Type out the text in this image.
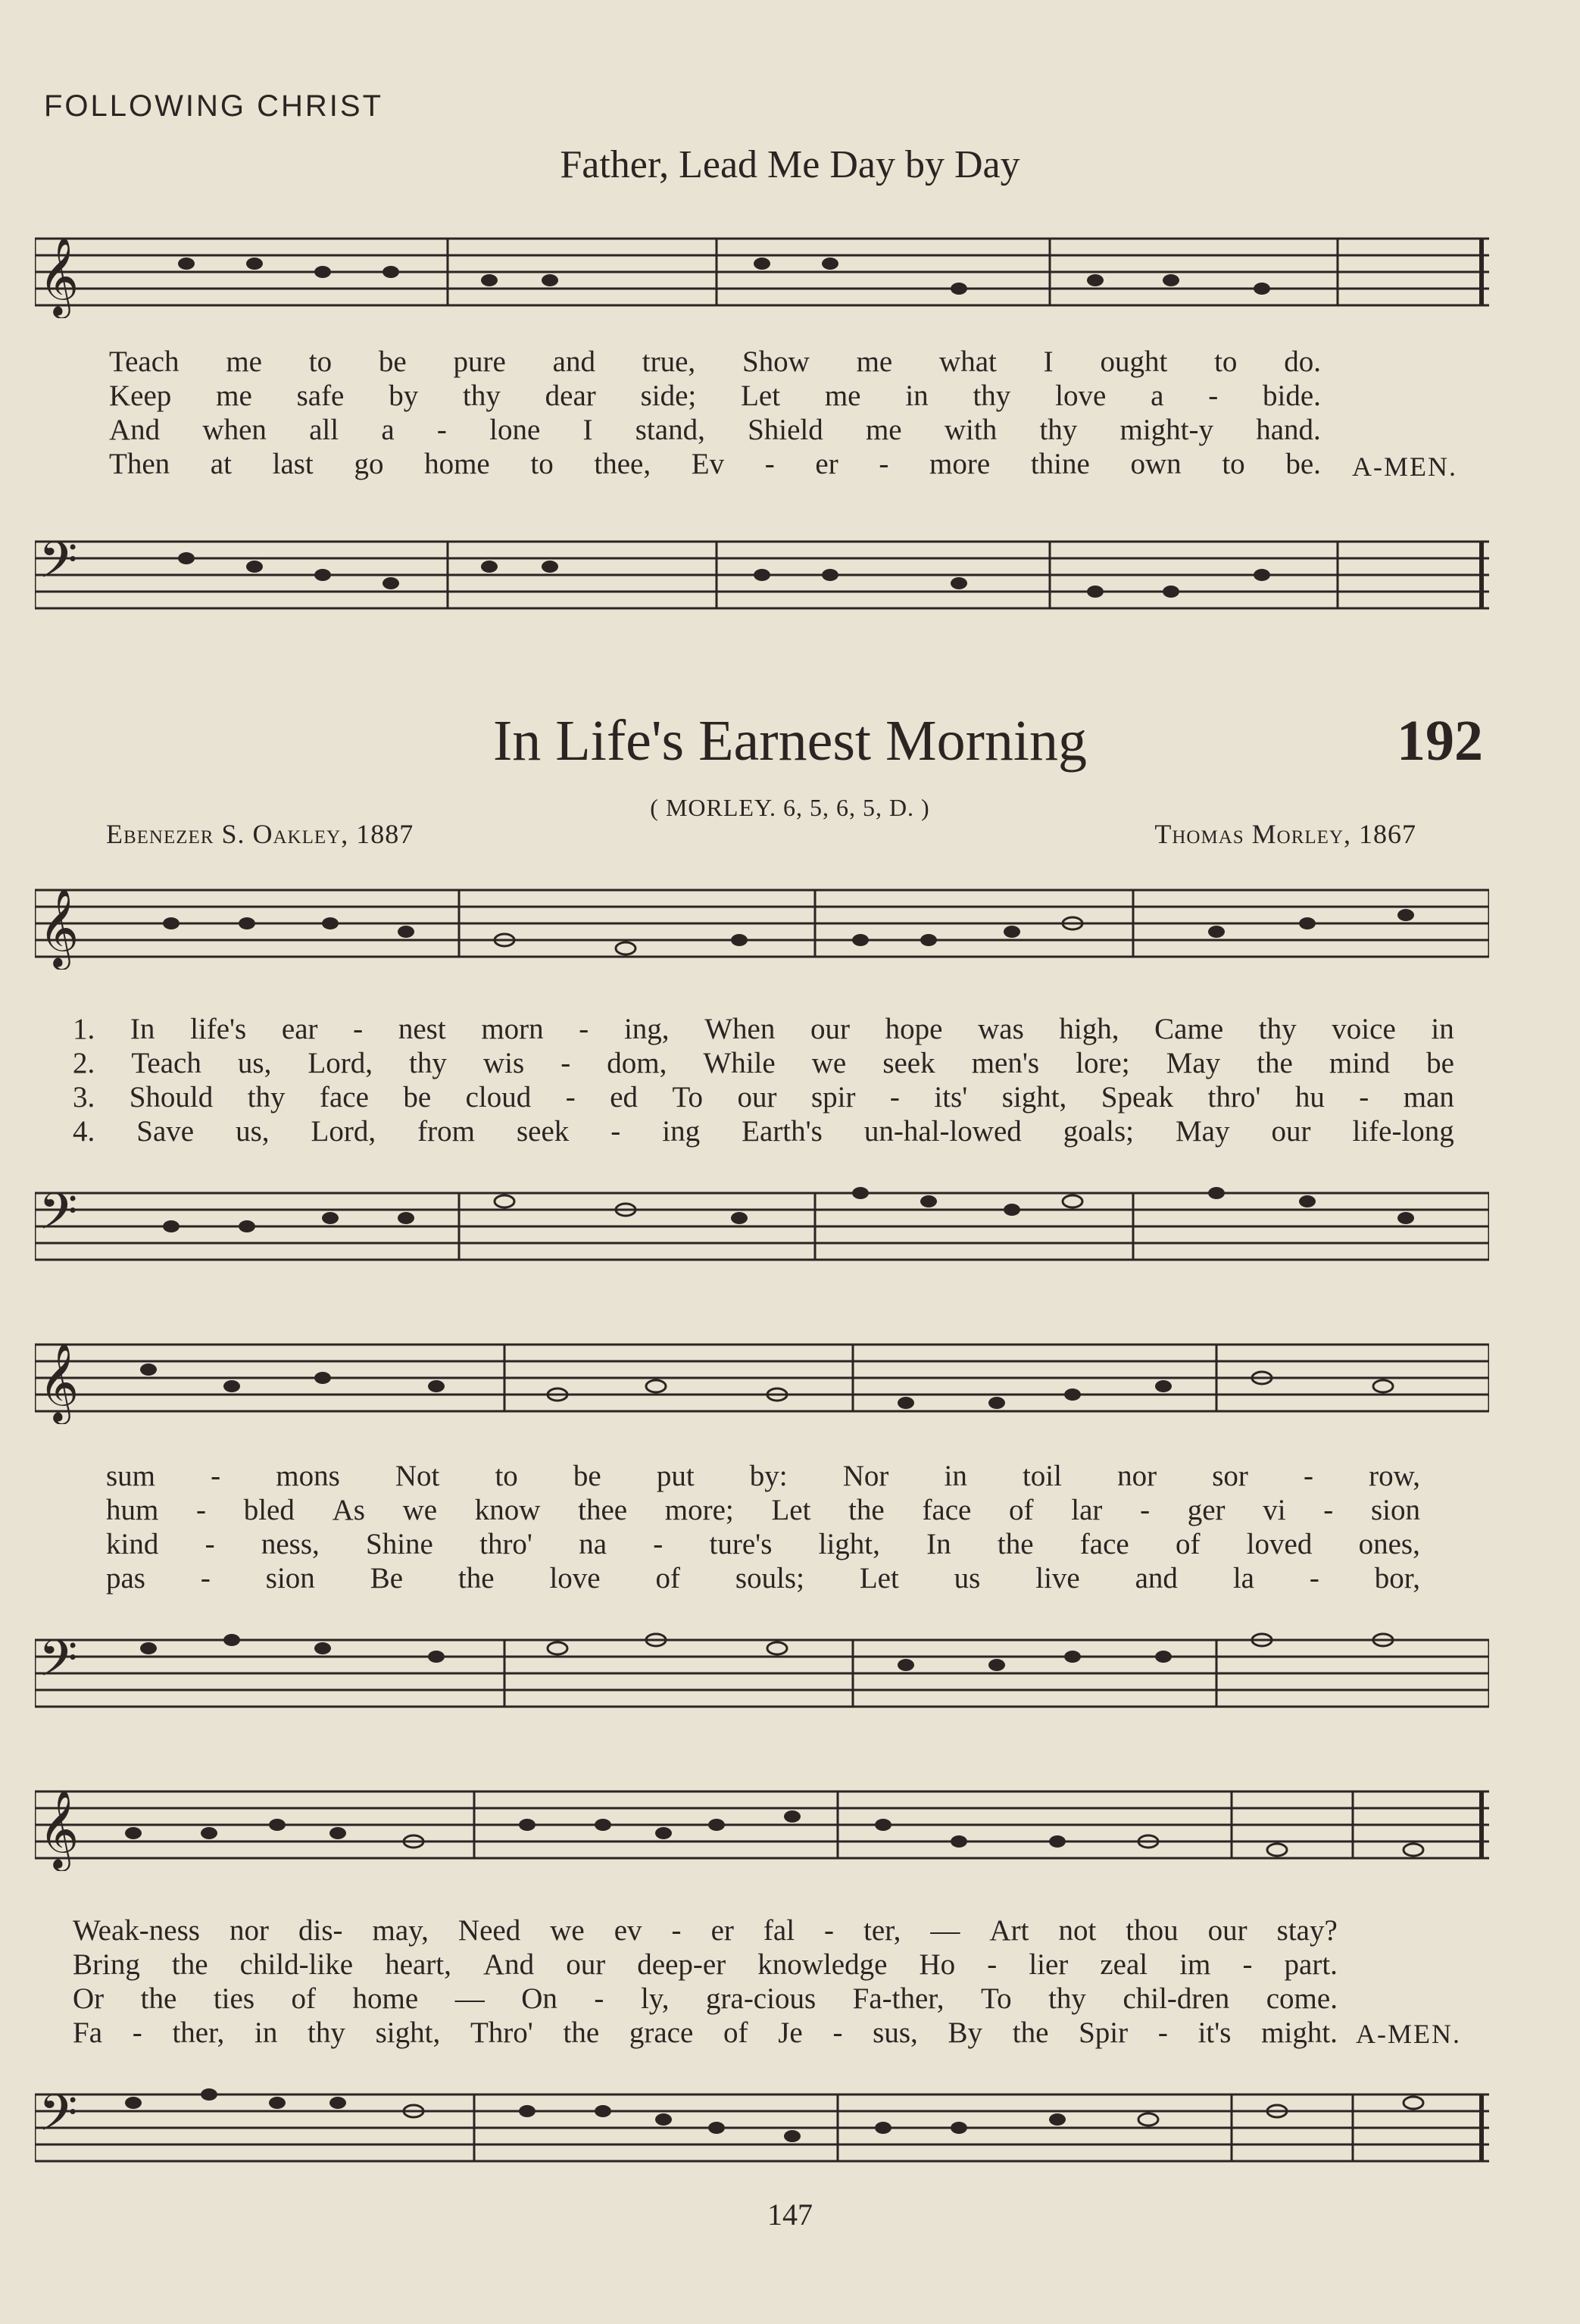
FOLLOWING CHRIST
Father, Lead Me Day by Day
𝄞
Teach me to be pure and true, Show me what I ought to do.
Keep me safe by thy dear side; Let me in thy love a - bide.
And when all a - lone I stand, Shield me with thy might-y hand.
Then at last go home to thee, Ev - er - more thine own to be. A-MEN.
𝄢
In Life's Earnest Morning	192
( MORLEY. 6, 5, 6, 5, D. )
Ebenezer S. Oakley, 1887	Thomas Morley, 1867
𝄞
1. In life's ear - nest morn - ing, When our hope was high, Came thy voice in
2. Teach us, Lord, thy wis - dom, While we seek men's lore; May the mind be
3. Should thy face be cloud - ed To our spir - its' sight, Speak thro' hu - man
4. Save us, Lord, from seek - ing Earth's un-hal-lowed goals; May our life-long
𝄢
𝄞
sum - mons Not to be put by: Nor in toil nor sor - row,
hum - bled As we know thee more; Let the face of lar - ger vi - sion
kind - ness, Shine thro' na - ture's light, In the face of loved ones,
pas - sion Be the love of souls; Let us live and la - bor,
𝄢
𝄞
Weak-ness nor dis- may, Need we ev - er fal - ter, — Art not thou our stay?
Bring the child-like heart, And our deep-er knowledge Ho - lier zeal im - part.
Or the ties of home — On - ly, gra-cious Fa-ther, To thy chil-dren come.
Fa - ther, in thy sight, Thro' the grace of Je - sus, By the Spir - it's might. A-MEN.
𝄢
147
